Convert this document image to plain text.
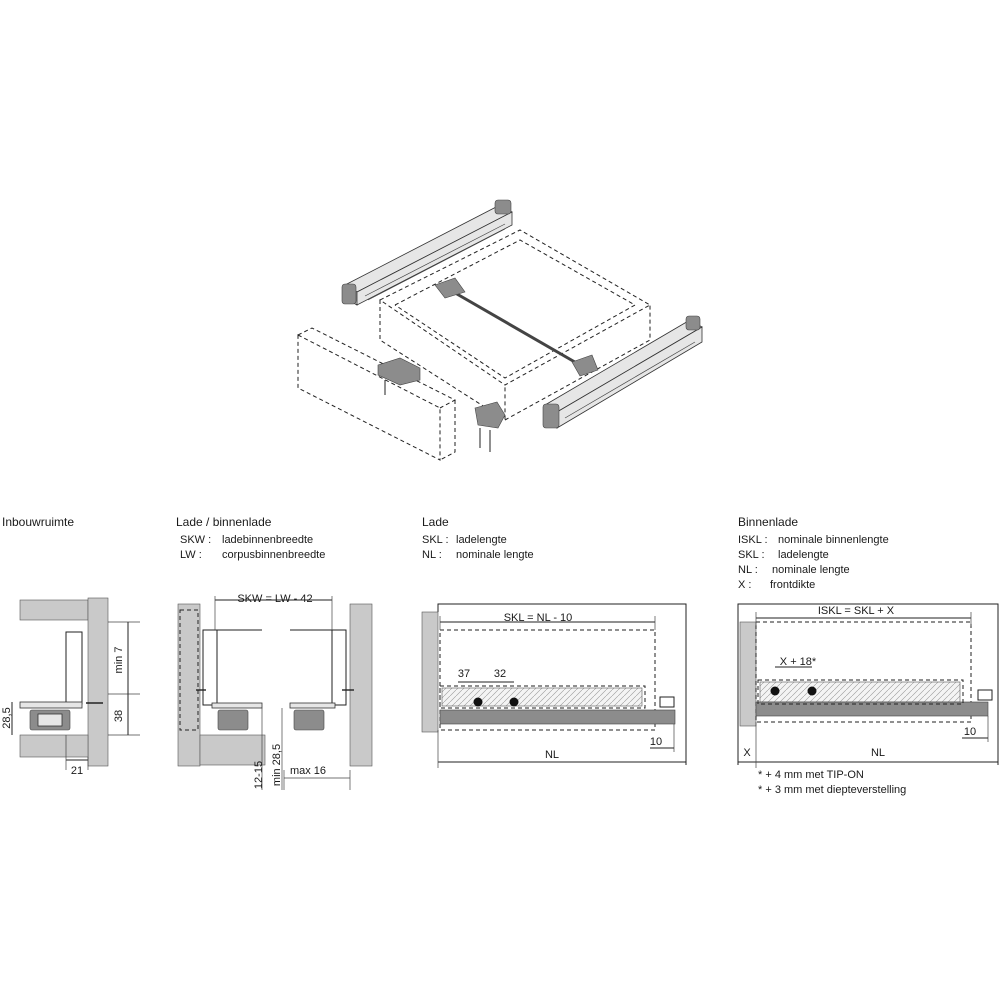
Inbouwruimte
min 7
38
28,5
21
Lade / binnenlade
SKW : ladebinnenbreedte
LW : corpusbinnenbreedte
SKW = LW - 42
12-15 min 28,5 max 16
Lade
SKL : ladelengte
NL : nominale lengte
SKL = NL - 10
37 32
NL
10
Binnenlade
ISKL : nominale binnenlengte
SKL : ladelengte
NL : nominale lengte
X : frontdikte
ISKL = SKL + X
X + 18*
X	NL
10
* + 4 mm met TIP-ON
* + 3 mm met diepteverstelling
